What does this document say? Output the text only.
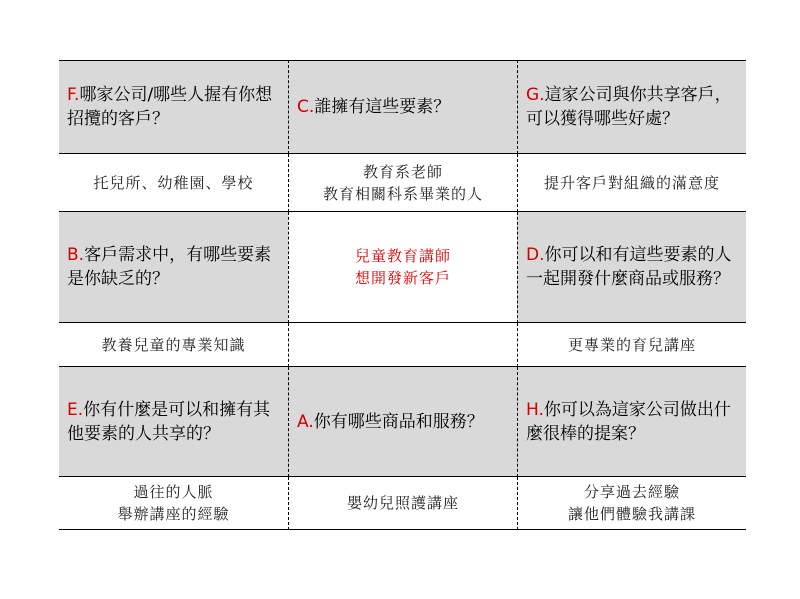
F.哪家公司/哪些人握有你想招攬的客戶？
C.誰擁有這些要素？
G.這家公司與你共享客戶，可以獲得哪些好處？
托兒所、幼稚園、學校
教育系老師
教育相關科系畢業的人
提升客戶對組織的滿意度
B.客戶需求中，有哪些要素是你缺乏的？
兒童教育講師
想開發新客戶
D.你可以和有這些要素的人一起開發什麼商品或服務？
教養兒童的專業知識	更專業的育兒講座
E.你有什麼是可以和擁有其他要素的人共享的？
A.你有哪些商品和服務？
H.你可以為這家公司做出什麼很棒的提案？
過往的人脈
舉辦講座的經驗
嬰幼兒照護講座
分享過去經驗
讓他們體驗我講課
